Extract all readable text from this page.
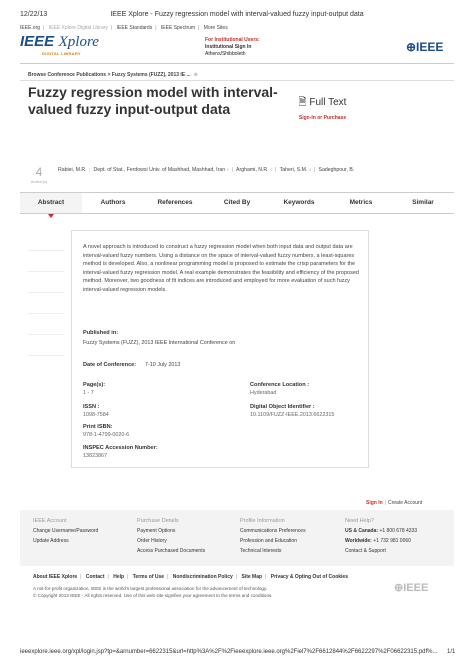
12/22/13	IEEE Xplore - Fuzzy regression model with interval-valued fuzzy input-output data
IEEE.org | IEEE Xplore Digital Library | IEEE Standards | IEEE Spectrum | More Sites
IEEE Xplore
DIGITAL LIBRARY
For Institutional Users:
Institutional Sign In
Athens/Shibboleth	⊕IEEE
Browse Conference Publications > Fuzzy Systems (FUZZ), 2013 IE ... ⊕
Fuzzy regression model with interval-valued fuzzy input-output data	🗎 Full Text
Sign-In or Purchase
4
Author(s)
Rabiei, M.R. ; Dept. of Stat., Ferdowsi Univ. of Mashhad, Mashhad, Iran ⌕ | Arghami, N.R. ⌕ | Taheri, S.M. ⌕ | Sadeghpour, B.
Abstract	Authors	References	Cited By	Keywords	Metrics	Similar
A novel approach is introduced to construct a fuzzy regression model when both input data and output data are interval-valued fuzzy numbers. Using a distance on the space of interval-valued fuzzy numbers, a least-squares method is developed. Also, a nonlinear programming model is proposed to estimate the crisp parameters for the interval-valued fuzzy regression model. A real example demonstrates the feasibility and efficiency of the proposed method. Moreover, two goodness of fit indices are introduced and employed for more evaluation of such fuzzy interval-valued regression models.
Published in:
Fuzzy Systems (FUZZ), 2013 IEEE International Conference on
Date of Conference: 7-10 July 2013
Page(s):
1 - 7
ISSN :
1098-7584
Print ISBN:
978-1-4799-0020-6
INSPEC Accession Number:
13823867
Conference Location :
Hyderabad
Digital Object Identifier :
10.1109/FUZZ-IEEE.2013.6622315
Sign In | Create Account
IEEE Account
Change Username/Password
Update Address
Purchase Details
Payment Options
Order History
Access Purchased Documents
Profile Information
Communications Preferences
Profession and Education
Technical Interests
Need Help?
US & Canada: +1 800 678 4333
Worldwide: +1 732 981 0060
Contact & Support
About IEEE Xplore | Contact | Help | Terms of Use | Nondiscrimination Policy | Site Map | Privacy & Opting Out of Cookies
A not-for-profit organization, IEEE is the world's largest professional association for the advancement of technology.
© Copyright 2013 IEEE - All rights reserved. Use of this web site signifies your agreement to the terms and conditions.
⊕IEEE
ieeexplore.ieee.org/xpl/login.jsp?tp=&arnumber=6622315&url=http%3A%2F%2Fieeexplore.ieee.org%2Fiel7%2F6612844%2F6622297%2F06622315.pdf%... 1/1
